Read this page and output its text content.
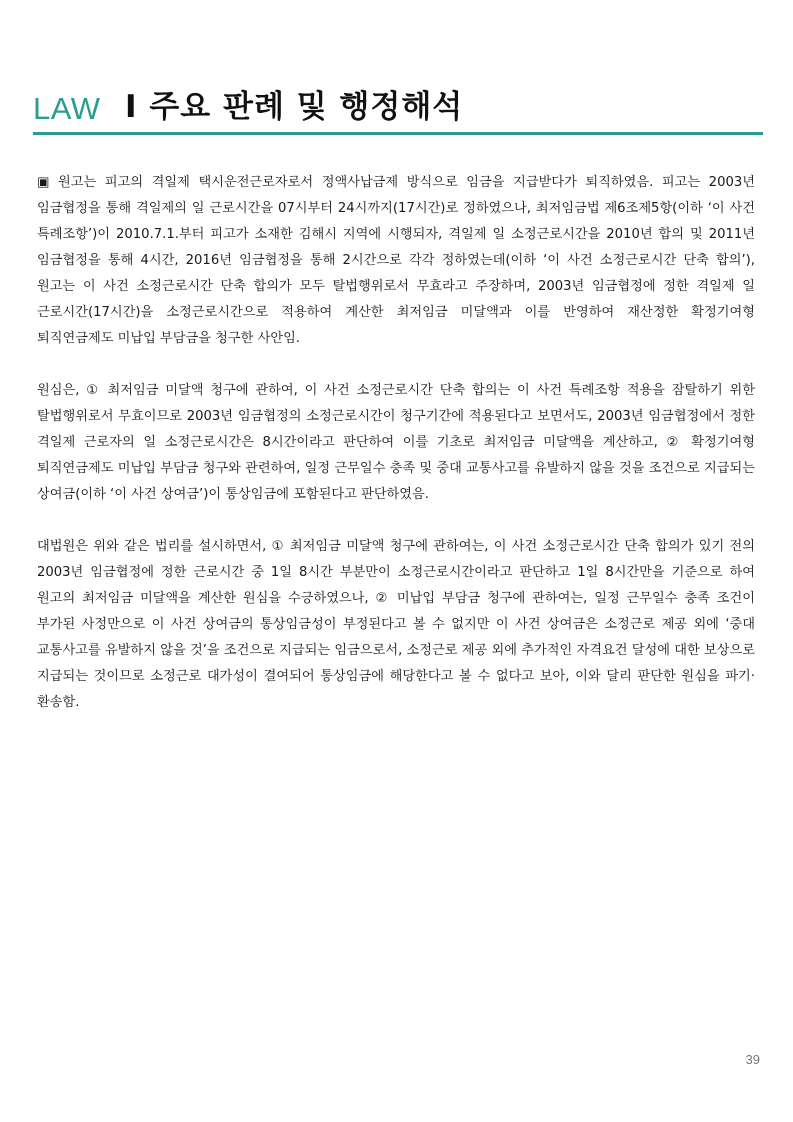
LAW Ⅰ 주요 판례 및 행정해석

▣ 원고는 피고의 격일제 택시운전근로자로서 정액사납금제 방식으로 임금을 지급받다가 퇴직하였음. 피고는 2003년 임금협정을 통해 격일제의 일 근로시간을 07시부터 24시까지(17시간)로 정하였으나, 최저임금법 제6조제5항(이하 ‘이 사건 특례조항’)이 2010.7.1.부터 피고가 소재한 김해시 지역에 시행되자, 격일제 일 소정근로시간을 2010년 합의 및 2011년 임금협정을 통해 4시간, 2016년 임금협정을 통해 2시간으로 각각 정하였는데(이하 ‘이 사건 소정근로시간 단축 합의’), 원고는 이 사건 소정근로시간 단축 합의가 모두 탈법행위로서 무효라고 주장하며, 2003년 임금협정에 정한 격일제 일 근로시간(17시간)을 소정근로시간으로 적용하여 계산한 최저임금 미달액과 이를 반영하여 재산정한 확정기여형 퇴직연금제도 미납입 부담금을 청구한 사안임.

원심은, ① 최저임금 미달액 청구에 관하여, 이 사건 소정근로시간 단축 합의는 이 사건 특례조항 적용을 잠탈하기 위한 탈법행위로서 무효이므로 2003년 임금협정의 소정근로시간이 청구기간에 적용된다고 보면서도, 2003년 임금협정에서 정한 격일제 근로자의 일 소정근로시간은 8시간이라고 판단하여 이를 기초로 최저임금 미달액을 계산하고, ② 확정기여형 퇴직연금제도 미납입 부담금 청구와 관련하여, 일정 근무일수 충족 및 중대 교통사고를 유발하지 않을 것을 조건으로 지급되는 상여금(이하 ‘이 사건 상여금’)이 통상임금에 포함된다고 판단하였음.

대법원은 위와 같은 법리를 설시하면서, ① 최저임금 미달액 청구에 관하여는, 이 사건 소정근로시간 단축 합의가 있기 전의 2003년 임금협정에 정한 근로시간 중 1일 8시간 부분만이 소정근로시간이라고 판단하고 1일 8시간만을 기준으로 하여 원고의 최저임금 미달액을 계산한 원심을 수긍하였으나, ② 미납입 부담금 청구에 관하여는, 일정 근무일수 충족 조건이 부가된 사정만으로 이 사건 상여금의 통상임금성이 부정된다고 볼 수 없지만 이 사건 상여금은 소정근로 제공 외에 ‘중대 교통사고를 유발하지 않을 것’을 조건으로 지급되는 임금으로서, 소정근로 제공 외에 추가적인 자격요건 달성에 대한 보상으로 지급되는 것이므로 소정근로 대가성이 결여되어 통상임금에 해당한다고 볼 수 없다고 보아, 이와 달리 판단한 원심을 파기·환송함.

39
